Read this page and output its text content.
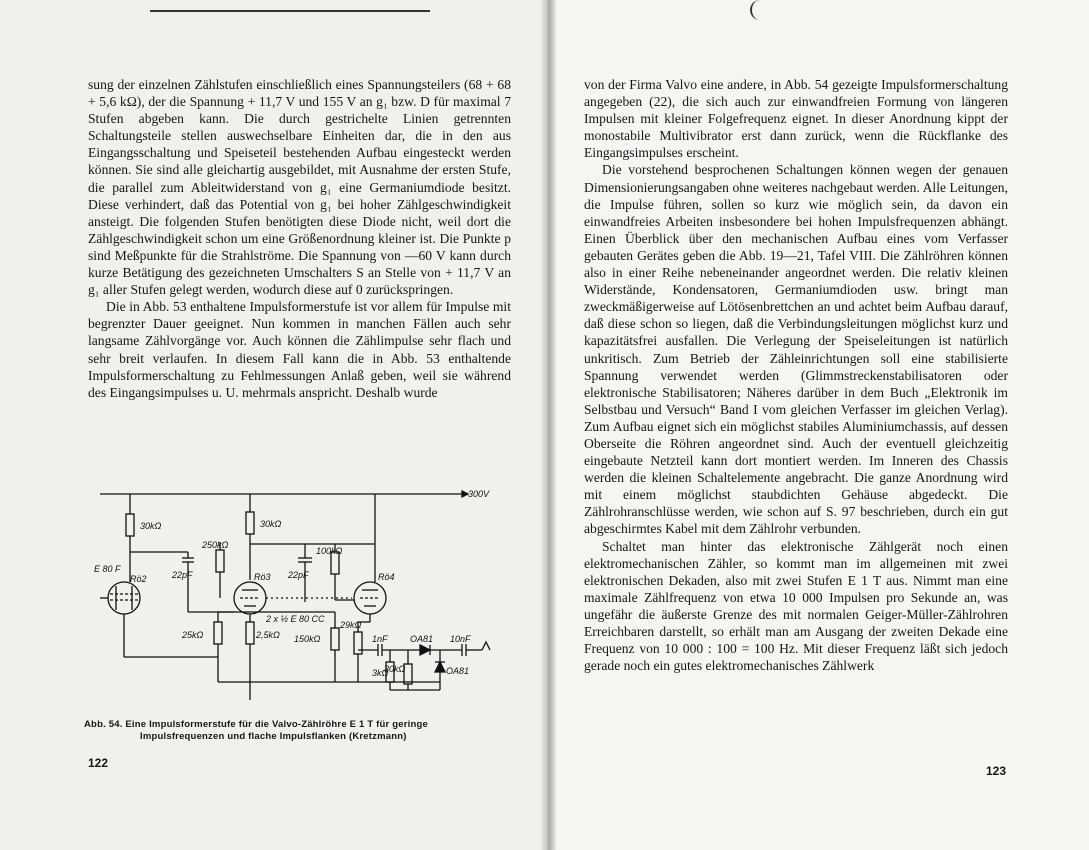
sung der einzelnen Zählstufen einschließlich eines Spannungsteilers (68 + 68 + 5,6 kΩ), der die Spannung + 11,7 V und 155 V an g₁ bzw. D für maximal 7 Stufen abgeben kann. Die durch gestrichelte Linien getrennten Schaltungsteile stellen auswechselbare Einheiten dar, die in den aus Eingangsschaltung und Speiseteil bestehenden Aufbau eingesteckt werden können. Sie sind alle gleichartig ausgebildet, mit Ausnahme der ersten Stufe, die parallel zum Ableitwiderstand von g₁ eine Germaniumdiode besitzt. Diese verhindert, daß das Potential von g₁ bei hoher Zählgeschwindigkeit ansteigt. Die folgenden Stufen benötigten diese Diode nicht, weil dort die Zählgeschwindigkeit schon um eine Größenordnung kleiner ist. Die Punkte p sind Meßpunkte für die Strahlströme. Die Spannung von —60 V kann durch kurze Betätigung des gezeichneten Umschalters S an Stelle von + 11,7 V an g₁ aller Stufen gelegt werden, wodurch diese auf 0 zurückspringen.

Die in Abb. 53 enthaltene Impulsformerstufe ist vor allem für Impulse mit begrenzter Dauer geeignet. Nun kommen in manchen Fällen auch sehr langsame Zählvorgänge vor. Auch können die Zählimpulse sehr flach und sehr breit verlaufen. In diesem Fall kann die in Abb. 53 enthaltende Impulsformerschaltung zu Fehlmessungen Anlaß geben, weil sie während des Eingangsimpulses u. U. mehrmals anspricht. Deshalb wurde

300V
30kΩ	30kΩ
250kΩ
100kΩ
22pF	22pF
E 80 F
Rö2	Rö3	Rö4
2 x ½ E 80 CC
25kΩ	2,5kΩ 150kΩ
29kΩ
3kΩ
30kΩ
1nF	10nF
OA81
OA81
Abb. 54. Eine Impulsformerstufe für die Valvo-Zählröhre E 1 T für geringe
Impulsfrequenzen und flache Impulsflanken (Kretzmann)
122

von der Firma Valvo eine andere, in Abb. 54 gezeigte Impulsformerschaltung angegeben (22), die sich auch zur einwandfreien Formung von längeren Impulsen mit kleiner Folgefrequenz eignet. In dieser Anordnung kippt der monostabile Multivibrator erst dann zurück, wenn die Rückflanke des Eingangsimpulses erscheint.

Die vorstehend besprochenen Schaltungen können wegen der genauen Dimensionierungsangaben ohne weiteres nachgebaut werden. Alle Leitungen, die Impulse führen, sollen so kurz wie möglich sein, da davon ein einwandfreies Arbeiten insbesondere bei hohen Impulsfrequenzen abhängt. Einen Überblick über den mechanischen Aufbau eines vom Verfasser gebauten Gerätes geben die Abb. 19—21, Tafel VIII. Die Zählröhren können also in einer Reihe nebeneinander angeordnet werden. Die relativ kleinen Widerstände, Kondensatoren, Germaniumdioden usw. bringt man zweckmäßigerweise auf Lötösenbrettchen an und achtet beim Aufbau darauf, daß diese schon so liegen, daß die Verbindungsleitungen möglichst kurz und kapazitätsfrei ausfallen. Die Verlegung der Speiseleitungen ist natürlich unkritisch. Zum Betrieb der Zähleinrichtungen soll eine stabilisierte Spannung verwendet werden (Glimmstreckenstabilisatoren oder elektronische Stabilisatoren; Näheres darüber in dem Buch „Elektronik im Selbstbau und Versuch“ Band I vom gleichen Verfasser im gleichen Verlag). Zum Aufbau eignet sich ein möglichst stabiles Aluminiumchassis, auf dessen Oberseite die Röhren angeordnet sind. Auch der eventuell gleichzeitig eingebaute Netzteil kann dort montiert werden. Im Inneren des Chassis werden die kleinen Schaltelemente angebracht. Die ganze Anordnung wird mit einem möglichst staubdichten Gehäuse abgedeckt. Die Zählrohranschlüsse werden, wie schon auf S. 97 beschrieben, durch ein gut abgeschirmtes Kabel mit dem Zählrohr verbunden.

Schaltet man hinter das elektronische Zählgerät noch einen elektromechanischen Zähler, so kommt man im allgemeinen mit zwei elektronischen Dekaden, also mit zwei Stufen E 1 T aus. Nimmt man eine maximale Zählfrequenz von etwa 10 000 Impulsen pro Sekunde an, was ungefähr die äußerste Grenze des mit normalen Geiger-Müller-Zählrohren Erreichbaren darstellt, so erhält man am Ausgang der zweiten Dekade eine Frequenz von 10 000 : 100 = 100 Hz. Mit dieser Frequenz läßt sich jedoch gerade noch ein gutes elektromechanisches Zählwerk

123
